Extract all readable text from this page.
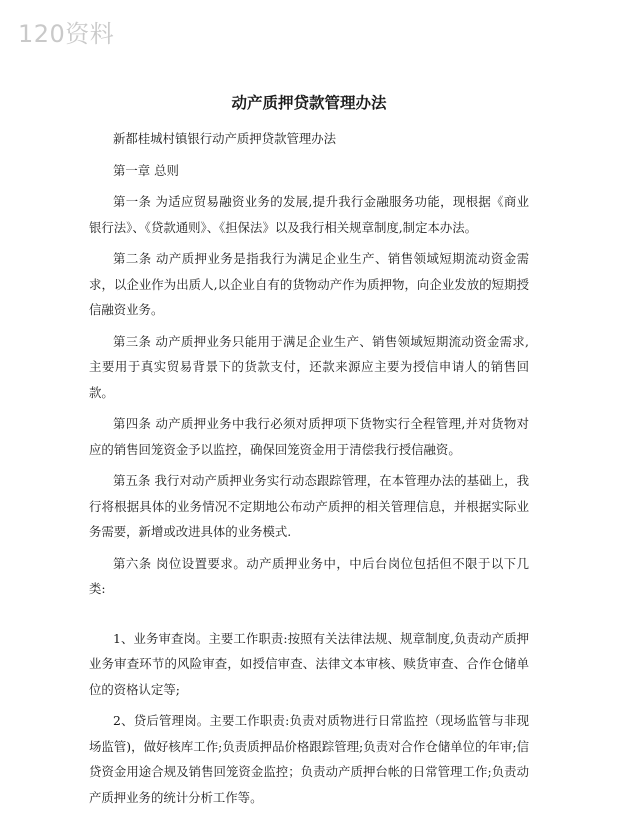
120资料
动产质押贷款管理办法
新都桂城村镇银行动产质押贷款管理办法
第一章 总则
第一条 为适应贸易融资业务的发展,提升我行金融服务功能，现根据《商业银行法》、《贷款通则》、《担保法》以及我行相关规章制度,制定本办法。
第二条 动产质押业务是指我行为满足企业生产、销售领域短期流动资金需求，以企业作为出质人,以企业自有的货物动产作为质押物，向企业发放的短期授信融资业务。
第三条 动产质押业务只能用于满足企业生产、销售领域短期流动资金需求,主要用于真实贸易背景下的货款支付，还款来源应主要为授信申请人的销售回款。
第四条 动产质押业务中我行必须对质押项下货物实行全程管理,并对货物对应的销售回笼资金予以监控，确保回笼资金用于清偿我行授信融资。
第五条 我行对动产质押业务实行动态跟踪管理，在本管理办法的基础上，我行将根据具体的业务情况不定期地公布动产质押的相关管理信息，并根据实际业务需要，新增或改进具体的业务模式.
第六条 岗位设置要求。动产质押业务中，中后台岗位包括但不限于以下几类:
1、业务审查岗。主要工作职责:按照有关法律法规、规章制度,负责动产质押业务审查环节的风险审查，如授信审查、法律文本审核、赎货审查、合作仓储单位的资格认定等;
2、贷后管理岗。主要工作职责:负责对质物进行日常监控（现场监管与非现场监管)，做好核库工作;负责质押品价格跟踪管理;负责对合作仓储单位的年审;信贷资金用途合规及销售回笼资金监控；负责动产质押台帐的日常管理工作;负责动产质押业务的统计分析工作等。
